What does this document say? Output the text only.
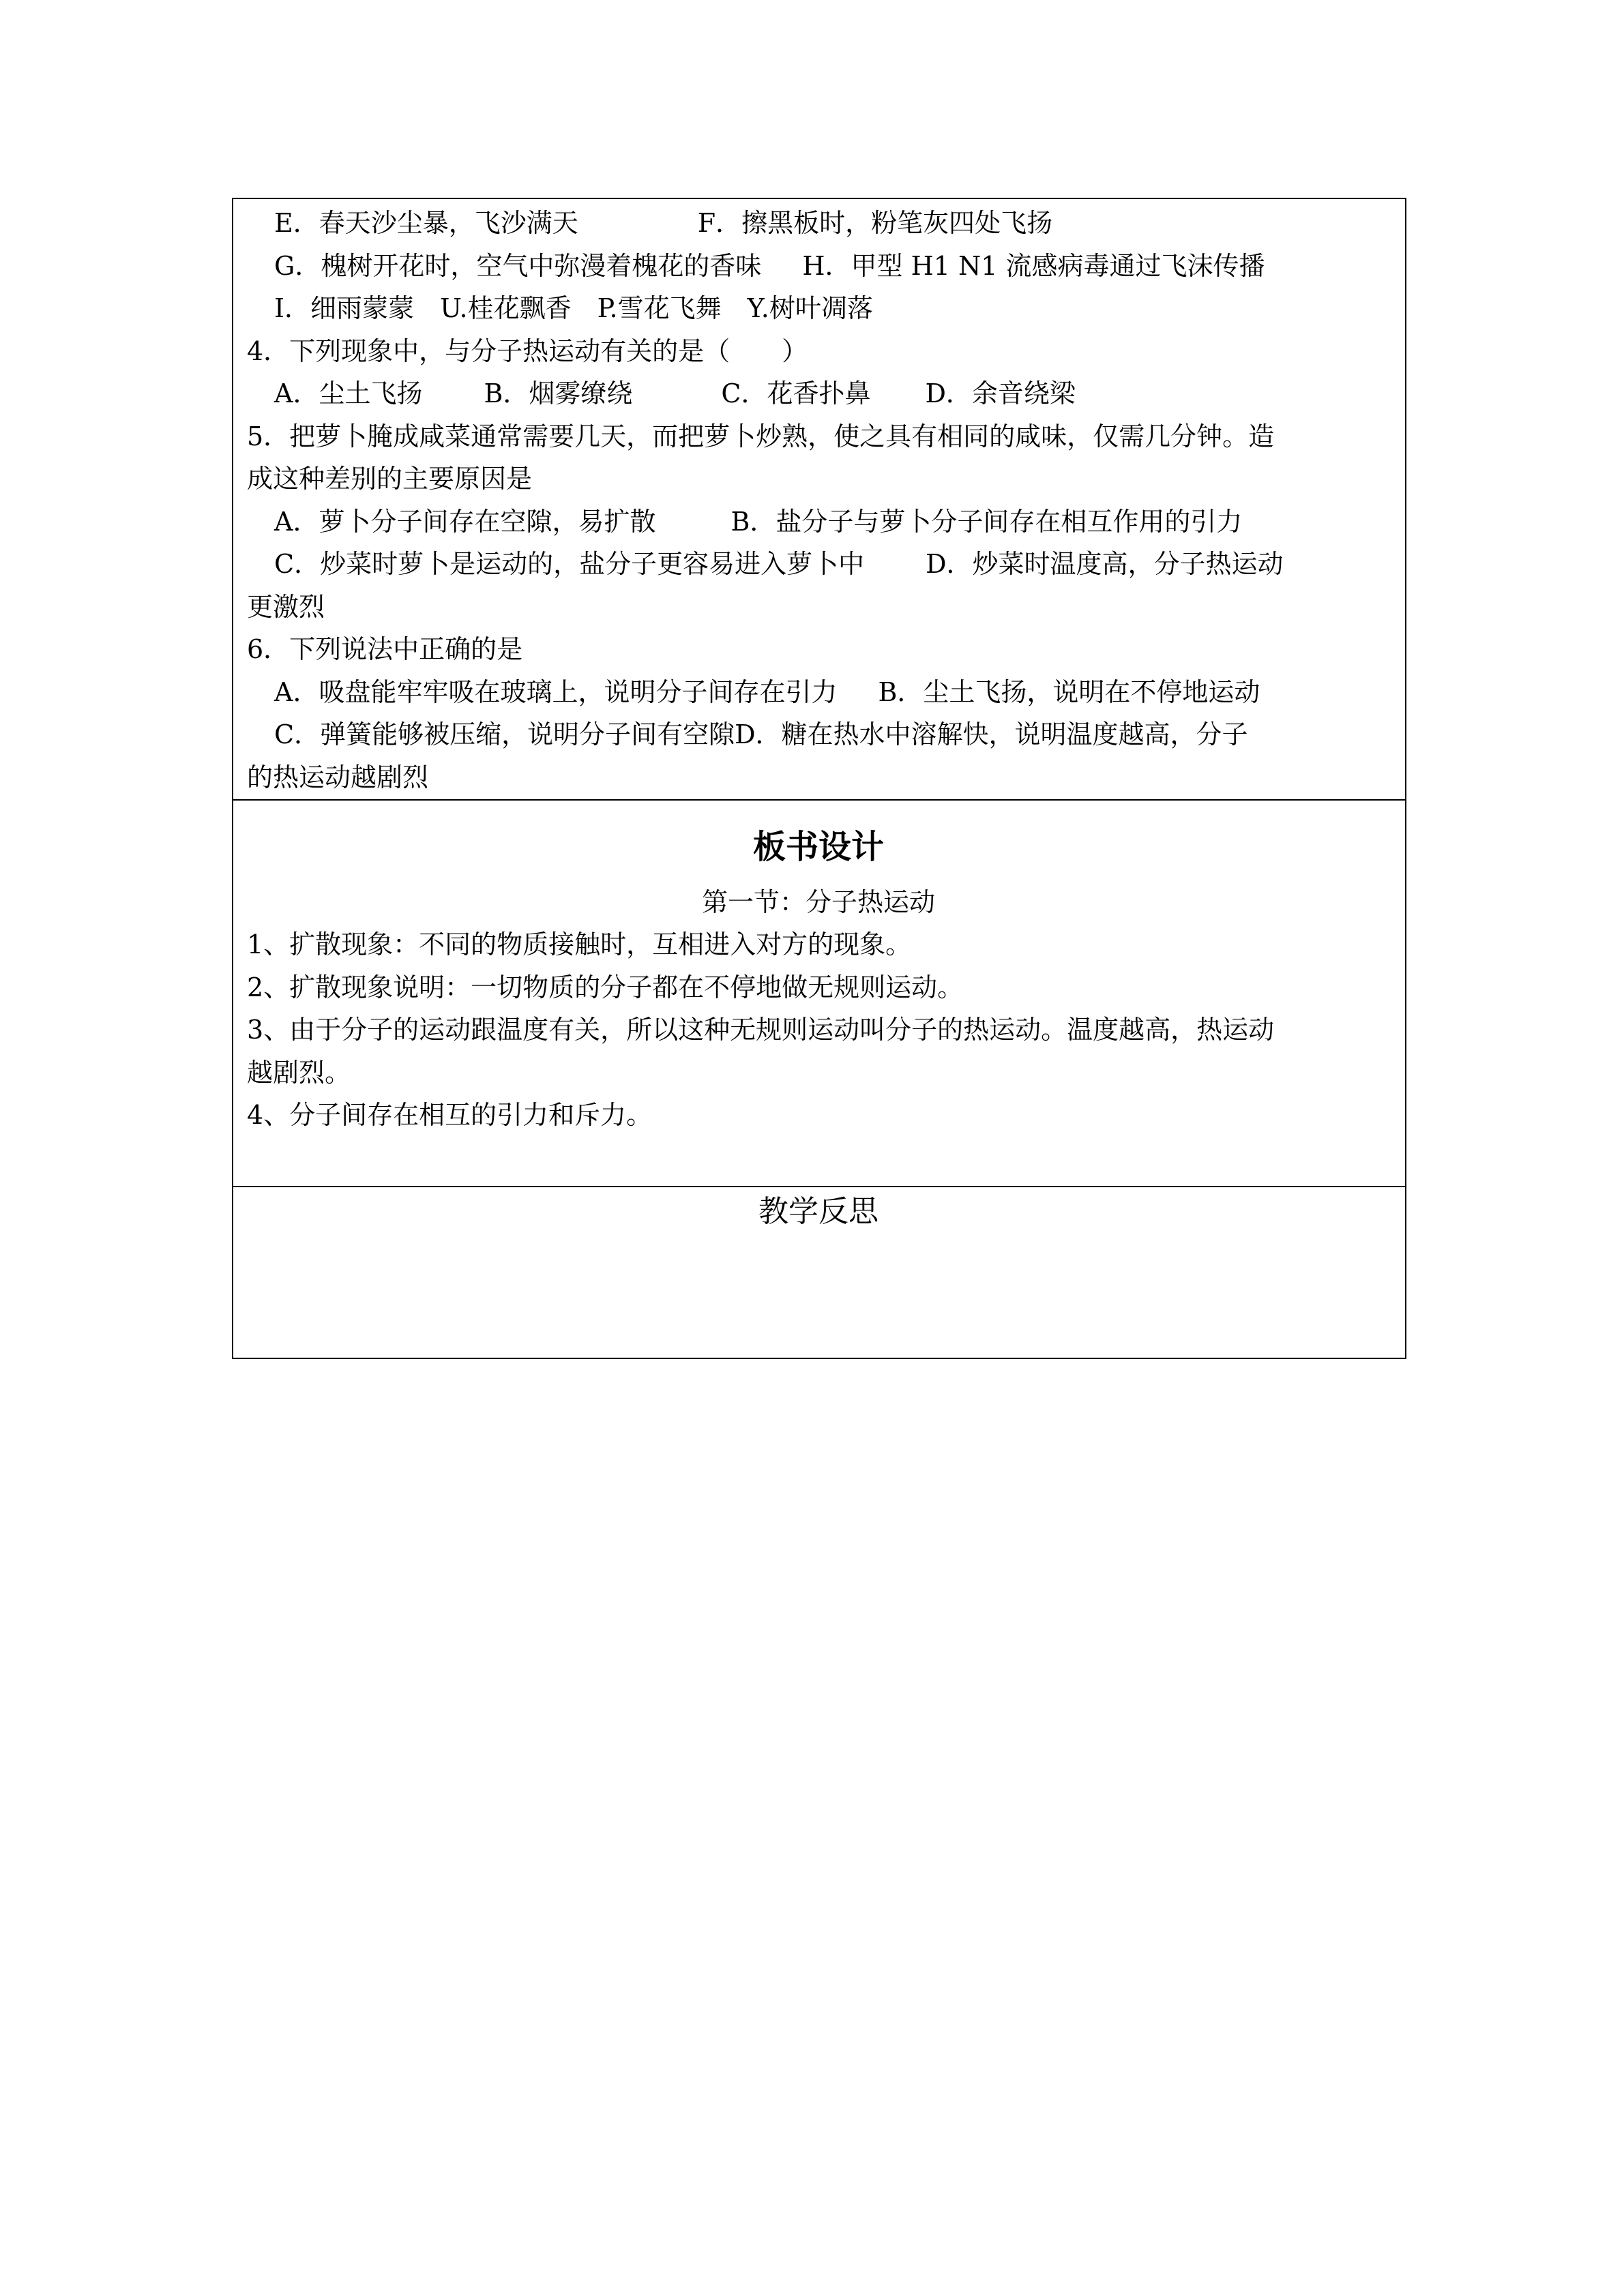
E．春天沙尘暴，飞沙满天	F．擦黑板时，粉笔灰四处飞扬
G．槐树开花时，空气中弥漫着槐花的香味 H．甲型 H1 N1 流感病毒通过飞沫传播
I．细雨蒙蒙　U.桂花飘香　P.雪花飞舞　Y.树叶凋落
4．下列现象中，与分子热运动有关的是（　　）
A．尘土飞扬 B．烟雾缭绕	C．花香扑鼻 D．余音绕梁
5．把萝卜腌成咸菜通常需要几天，而把萝卜炒熟，使之具有相同的咸味，仅需几分钟。造
成这种差别的主要原因是
A．萝卜分子间存在空隙，易扩散	B．盐分子与萝卜分子间存在相互作用的引力
C．炒菜时萝卜是运动的，盐分子更容易进入萝卜中 D．炒菜时温度高，分子热运动
更激烈
6．下列说法中正确的是
A．吸盘能牢牢吸在玻璃上，说明分子间存在引力 B．尘土飞扬，说明在不停地运动
C．弹簧能够被压缩，说明分子间有空隙D．糖在热水中溶解快，说明温度越高，分子
的热运动越剧烈
板书设计
第一节：分子热运动
1、扩散现象：不同的物质接触时，互相进入对方的现象。
2、扩散现象说明：一切物质的分子都在不停地做无规则运动。
3、由于分子的运动跟温度有关，所以这种无规则运动叫分子的热运动。温度越高，热运动
越剧烈。
4、分子间存在相互的引力和斥力。
教学反思
